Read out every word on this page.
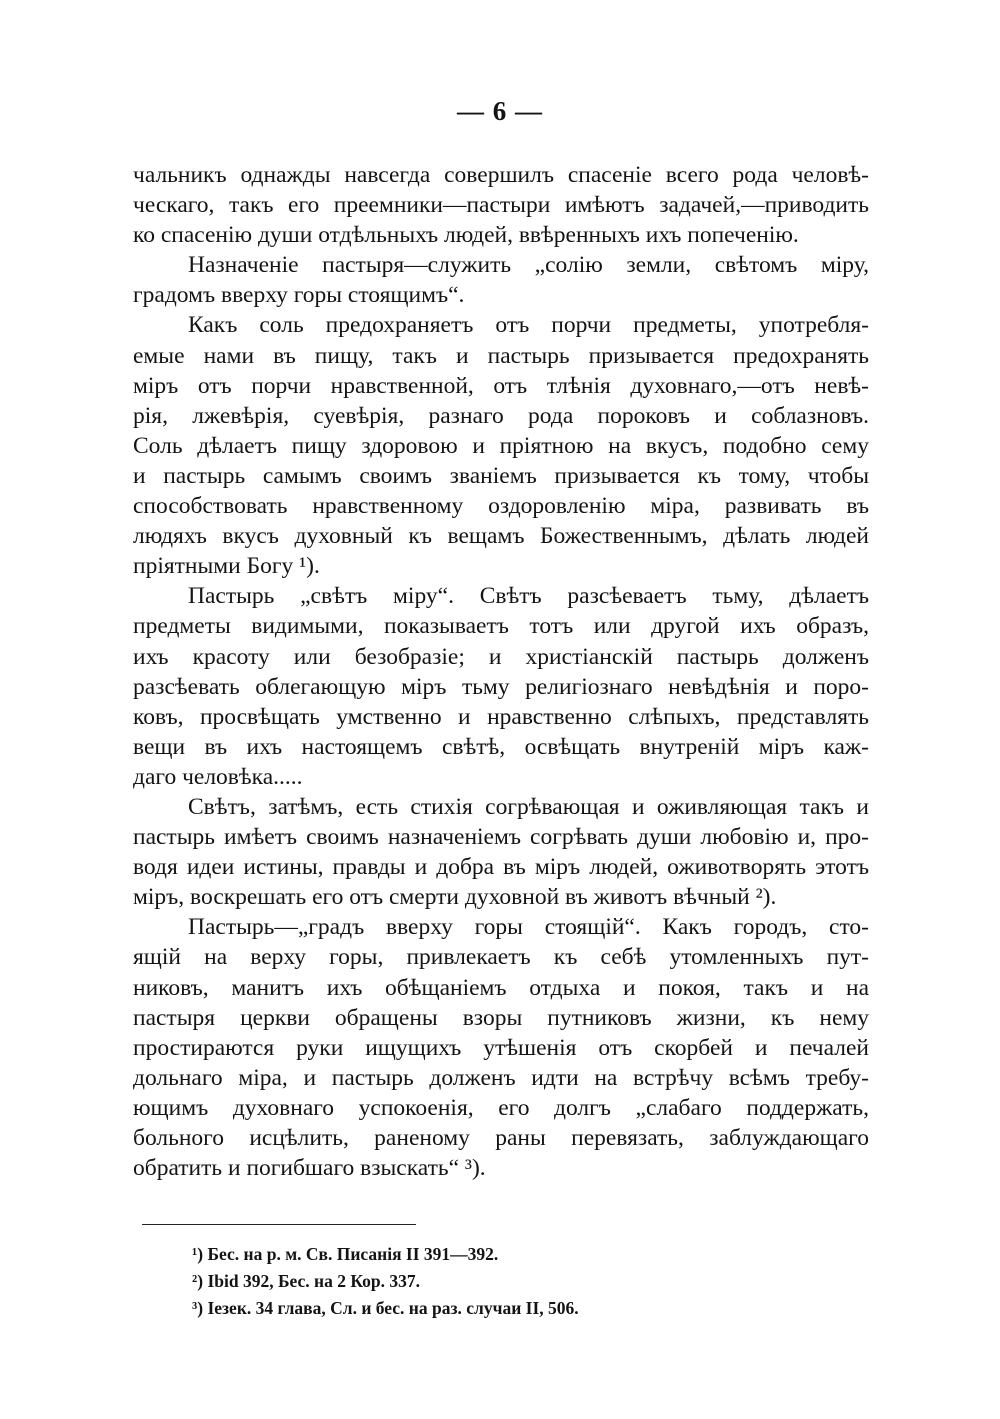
— 6 —
чальникъ однажды навсегда совершилъ спасеніе всего рода человѣ-
ческаго, такъ его преемники—пастыри имѣютъ задачей,—приводить
ко спасенію души отдѣльныхъ людей, ввѣренныхъ ихъ попеченію.
Назначеніе пастыря—служить „солію земли, свѣтомъ міру,
градомъ вверху горы стоящимъ“.
Какъ соль предохраняетъ отъ порчи предметы, употребля-
емые нами въ пищу, такъ и пастырь призывается предохранять
міръ отъ порчи нравственной, отъ тлѣнія духовнаго,—отъ невѣ-
рія, лжевѣрія, суевѣрія, разнаго рода пороковъ и соблазновъ.
Соль дѣлаетъ пищу здоровою и пріятною на вкусъ, подобно сему
и пастырь самымъ своимъ званіемъ призывается къ тому, чтобы
способствовать нравственному оздоровленію міра, развивать въ
людяхъ вкусъ духовный къ вещамъ Божественнымъ, дѣлать людей
пріятными Богу ¹).
Пастырь „свѣтъ міру“. Свѣтъ разсѣеваетъ тьму, дѣлаетъ
предметы видимыми, показываетъ тотъ или другой ихъ образъ,
ихъ красоту или безобразіе; и христіанскій пастырь долженъ
разсѣевать облегающую міръ тьму религіознаго невѣдѣнія и поро-
ковъ, просвѣщать умственно и нравственно слѣпыхъ, представлять
вещи въ ихъ настоящемъ свѣтѣ, освѣщать внутреній міръ каж-
даго человѣка.....
Свѣтъ, затѣмъ, есть стихія согрѣвающая и оживляющая такъ и
пастырь имѣетъ своимъ назначеніемъ согрѣвать души любовію и, про-
водя идеи истины, правды и добра въ міръ людей, оживотворять этотъ
міръ, воскрешать его отъ смерти духовной въ животъ вѣчный ²).
Пастырь—„градъ вверху горы стоящій“. Какъ городъ, сто-
ящій на верху горы, привлекаетъ къ себѣ утомленныхъ пут-
никовъ, манитъ ихъ обѣщаніемъ отдыха и покоя, такъ и на
пастыря церкви обращены взоры путниковъ жизни, къ нему
простираются руки ищущихъ утѣшенія отъ скорбей и печалей
дольнаго міра, и пастырь долженъ идти на встрѣчу всѣмъ требу-
ющимъ духовнаго успокоенія, его долгъ „слабаго поддержать,
больного исцѣлить, раненому раны перевязать, заблуждающаго
обратить и погибшаго взыскать“ ³).
¹) Бес. на р. м. Св. Писанія II 391—392.
²) Ibid 392, Бес. на 2 Кор. 337.
³) Іезек. 34 глава, Сл. и бес. на раз. случаи II, 506.
